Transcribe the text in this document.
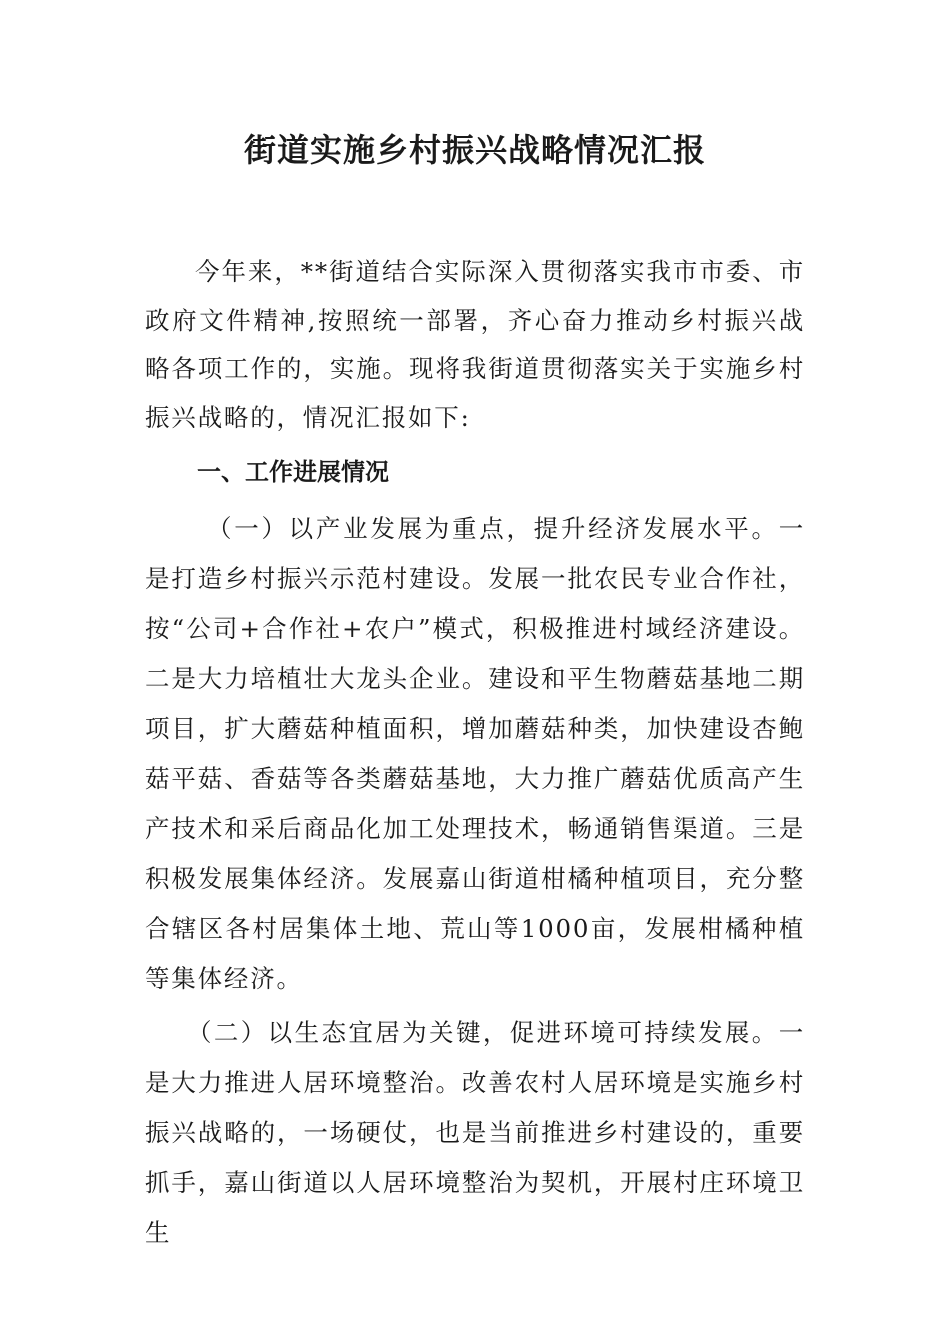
街道实施乡村振兴战略情况汇报

今年来，**街道结合实际深入贯彻落实我市市委、市政府文件精神,按照统一部署，齐心奋力推动乡村振兴战略各项工作的，实施。现将我街道贯彻落实关于实施乡村振兴战略的，情况汇报如下:

一、工作进展情况

（一）以产业发展为重点，提升经济发展水平。一是打造乡村振兴示范村建设。发展一批农民专业合作社，按“公司+合作社+农户”模式，积极推进村域经济建设。二是大力培植壮大龙头企业。建设和平生物蘑菇基地二期项目，扩大蘑菇种植面积，增加蘑菇种类，加快建设杏鲍菇平菇、香菇等各类蘑菇基地，大力推广蘑菇优质高产生产技术和采后商品化加工处理技术，畅通销售渠道。三是积极发展集体经济。发展嘉山街道柑橘种植项目，充分整合辖区各村居集体土地、荒山等1000亩，发展柑橘种植等集体经济。

（二）以生态宜居为关键，促进环境可持续发展。一是大力推进人居环境整治。改善农村人居环境是实施乡村振兴战略的，一场硬仗，也是当前推进乡村建设的，重要抓手，嘉山街道以人居环境整治为契机，开展村庄环境卫生
